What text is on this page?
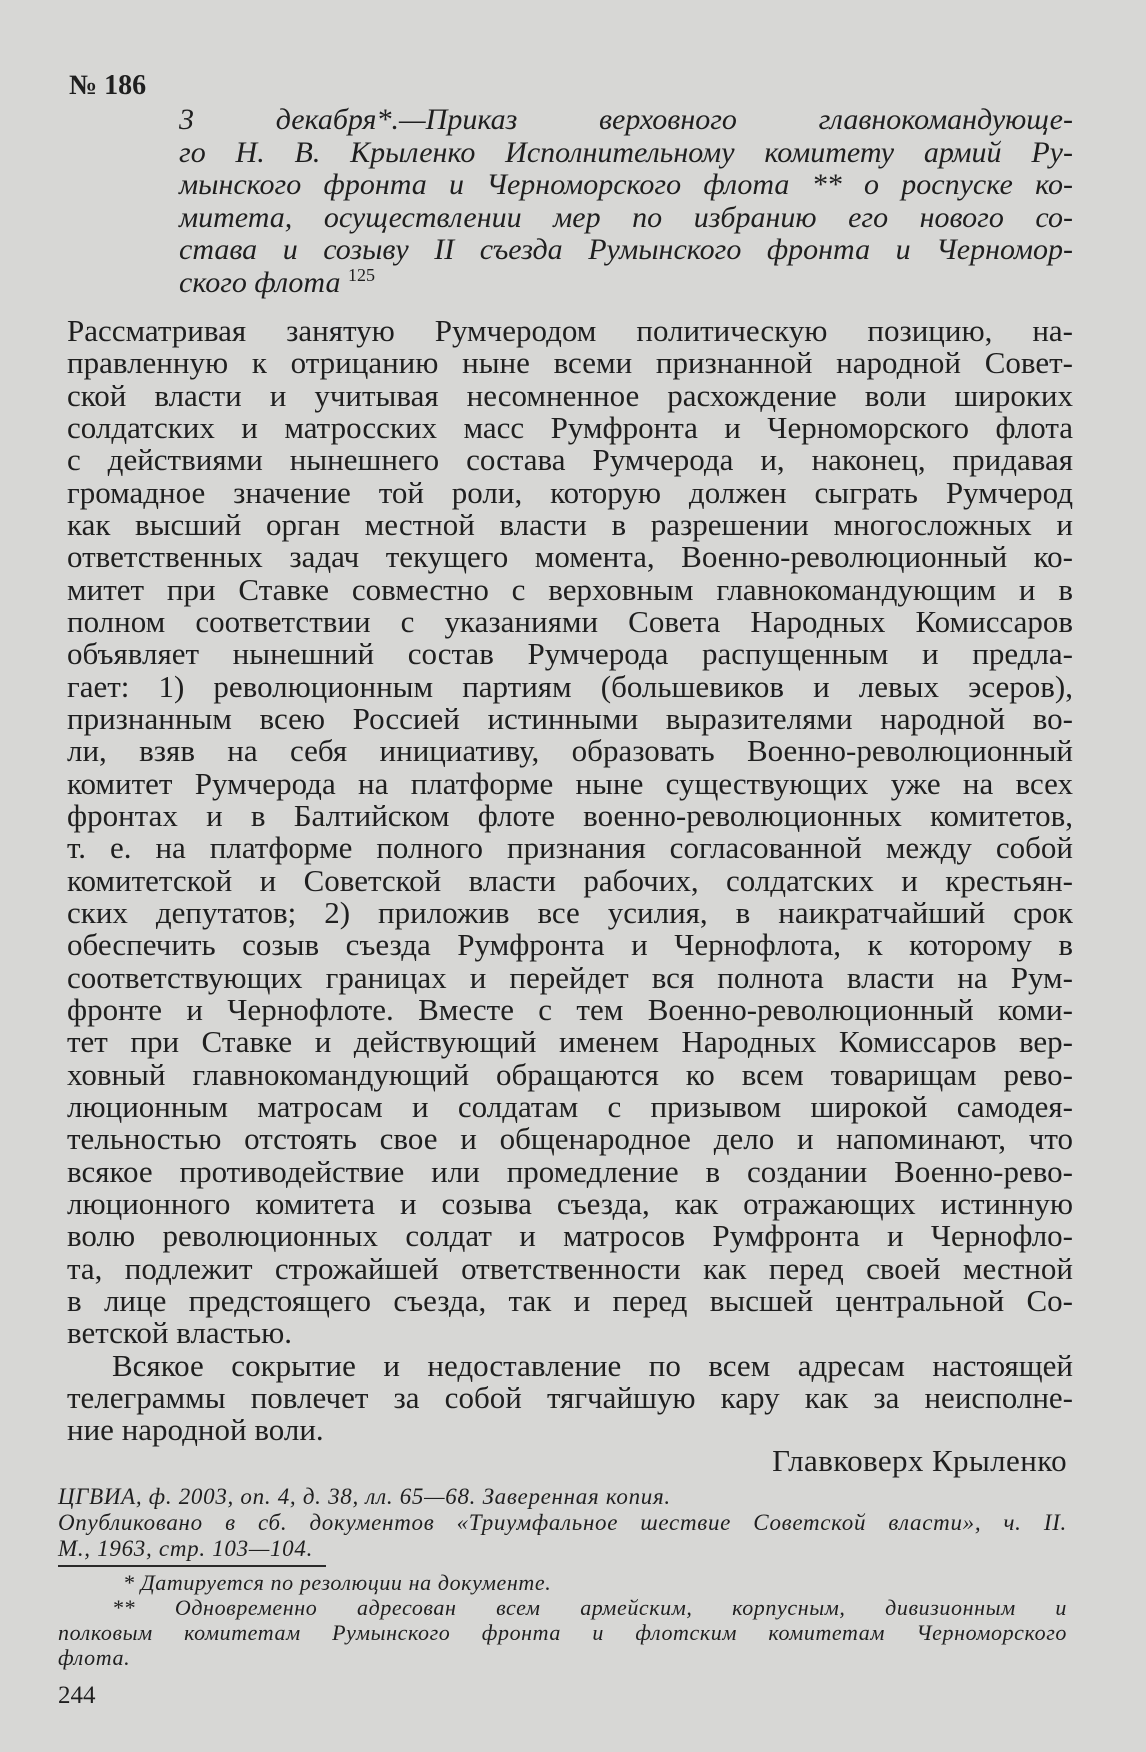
№ 186
3 декабря*.—Приказ верховного главнокомандующе-
го Н. В. Крыленко Исполнительному комитету армий Ру-
мынского фронта и Черноморского флота ** о роспуске ко-
митета, осуществлении мер по избранию его нового со-
става и созыву II съезда Румынского фронта и Черномор-
ского флота $^{125}$
Рассматривая занятую Румчеродом политическую позицию, на-
правленную к отрицанию ныне всеми признанной народной Совет-
ской власти и учитывая несомненное расхождение воли широких
солдатских и матросских масс Румфронта и Черноморского флота
с действиями нынешнего состава Румчерода и, наконец, придавая
громадное значение той роли, которую должен сыграть Румчерод
как высший орган местной власти в разрешении многосложных и
ответственных задач текущего момента, Военно-революционный ко-
митет при Ставке совместно с верховным главнокомандующим и в
полном соответствии с указаниями Совета Народных Комиссаров
объявляет нынешний состав Румчерода распущенным и предла-
гает: 1) революционным партиям (большевиков и левых эсеров),
признанным всею Россией истинными выразителями народной во-
ли, взяв на себя инициативу, образовать Военно-революционный
комитет Румчерода на платформе ныне существующих уже на всех
фронтах и в Балтийском флоте военно-революционных комитетов,
т. е. на платформе полного признания согласованной между собой
комитетской и Советской власти рабочих, солдатских и крестьян-
ских депутатов; 2) приложив все усилия, в наикратчайший срок
обеспечить созыв съезда Румфронта и Чернофлота, к которому в
соответствующих границах и перейдет вся полнота власти на Рум-
фронте и Чернофлоте. Вместе с тем Военно-революционный коми-
тет при Ставке и действующий именем Народных Комиссаров вер-
ховный главнокомандующий обращаются ко всем товарищам рево-
люционным матросам и солдатам с призывом широкой самодея-
тельностью отстоять свое и общенародное дело и напоминают, что
всякое противодействие или промедление в создании Военно-рево-
люционного комитета и созыва съезда, как отражающих истинную
волю революционных солдат и матросов Румфронта и Чернофло-
та, подлежит строжайшей ответственности как перед своей местной
в лице предстоящего съезда, так и перед высшей центральной Со-
ветской властью.
Всякое сокрытие и недоставление по всем адресам настоящей
телеграммы повлечет за собой тягчайшую кару как за неисполне-
ние народной воли.
Главковерх Крыленко
ЦГВИА, ф. 2003, оп. 4, д. 38, лл. 65—68. Заверенная копия.
Опубликовано в сб. документов «Триумфальное шествие Советской власти», ч. II.
М., 1963, стр. 103—104.
* Датируется по резолюции на документе.
** Одновременно адресован всем армейским, корпусным, дивизионным и
полковым комитетам Румынского фронта и флотским комитетам Черноморского
флота.
244
